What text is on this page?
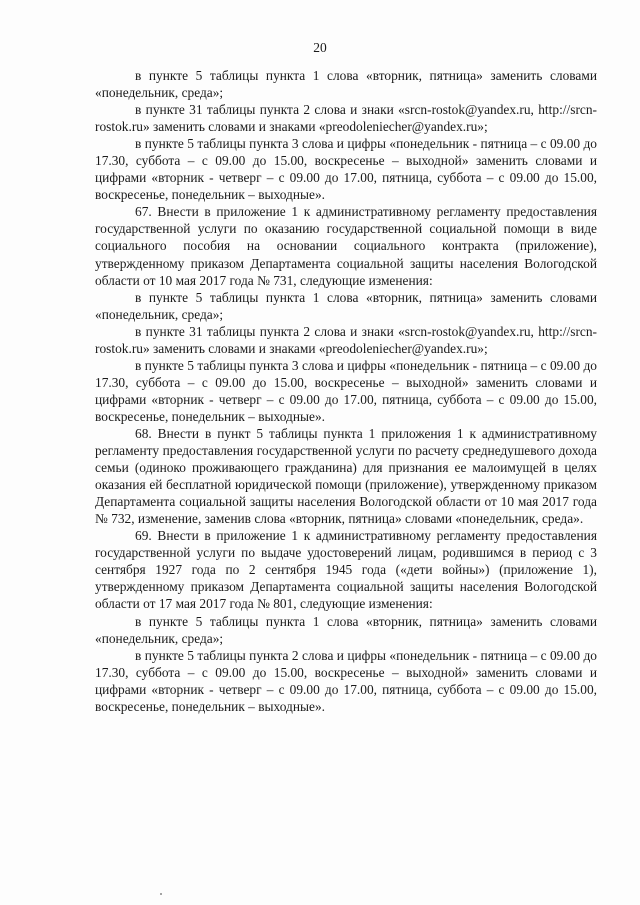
20

в пункте 5 таблицы пункта 1 слова «вторник, пятница» заменить словами «понедельник, среда»;

в пункте 31 таблицы пункта 2 слова и знаки «srcn-rostok@yandex.ru, http://srcn-rostok.ru» заменить словами и знаками «preodoleniecher@yandex.ru»;

в пункте 5 таблицы пункта 3 слова и цифры «понедельник - пятница – с 09.00 до 17.30, суббота – с 09.00 до 15.00, воскресенье – выходной» заменить словами и цифрами «вторник - четверг – с 09.00 до 17.00, пятница, суббота – с 09.00 до 15.00, воскресенье, понедельник – выходные».

67. Внести в приложение 1 к административному регламенту предоставления государственной услуги по оказанию государственной социальной помощи в виде социального пособия на основании социального контракта (приложение), утвержденному приказом Департамента социальной защиты населения Вологодской области от 10 мая 2017 года № 731, следующие изменения:

в пункте 5 таблицы пункта 1 слова «вторник, пятница» заменить словами «понедельник, среда»;

в пункте 31 таблицы пункта 2 слова и знаки «srcn-rostok@yandex.ru, http://srcn-rostok.ru» заменить словами и знаками «preodoleniecher@yandex.ru»;

в пункте 5 таблицы пункта 3 слова и цифры «понедельник - пятница – с 09.00 до 17.30, суббота – с 09.00 до 15.00, воскресенье – выходной» заменить словами и цифрами «вторник - четверг – с 09.00 до 17.00, пятница, суббота – с 09.00 до 15.00, воскресенье, понедельник – выходные».

68. Внести в пункт 5 таблицы пункта 1 приложения 1 к административному регламенту предоставления государственной услуги по расчету среднедушевого дохода семьи (одиноко проживающего гражданина) для признания ее малоимущей в целях оказания ей бесплатной юридической помощи (приложение), утвержденному приказом Департамента социальной защиты населения Вологодской области от 10 мая 2017 года № 732, изменение, заменив слова «вторник, пятница» словами «понедельник, среда».

69. Внести в приложение 1 к административному регламенту предоставления государственной услуги по выдаче удостоверений лицам, родившимся в период с 3 сентября 1927 года по 2 сентября 1945 года («дети войны») (приложение 1), утвержденному приказом Департамента социальной защиты населения Вологодской области от 17 мая 2017 года № 801, следующие изменения:

в пункте 5 таблицы пункта 1 слова «вторник, пятница» заменить словами «понедельник, среда»;

в пункте 5 таблицы пункта 2 слова и цифры «понедельник - пятница – с 09.00 до 17.30, суббота – с 09.00 до 15.00, воскресенье – выходной» заменить словами и цифрами «вторник - четверг – с 09.00 до 17.00, пятница, суббота – с 09.00 до 15.00, воскресенье, понедельник – выходные».
